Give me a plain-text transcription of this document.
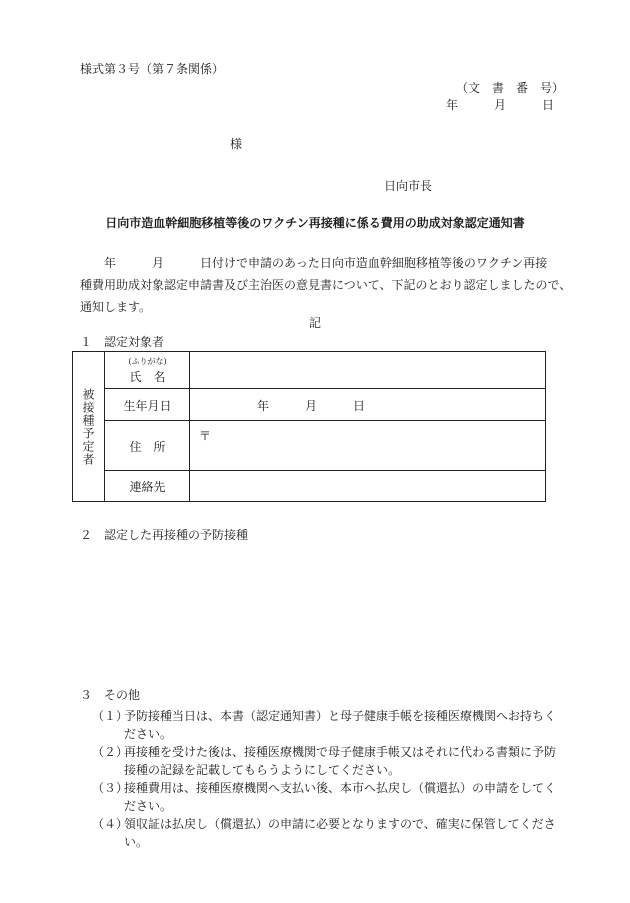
様式第３号（第７条関係）
（文　書　番　号）
年　　　月　　　日
様
日向市長
日向市造血幹細胞移植等後のワクチン再接種に係る費用の助成対象認定通知書
　　年　　　月　　　日付けで申請のあった日向市造血幹細胞移植等後のワクチン再接
種費用助成対象認定申請書及び主治医の意見書について、下記のとおり認定しましたので、
通知します。
記
１　認定対象者
被接種予定者
(ふりがな)
氏　名
生年月日	年　　　月　　　日
〒
住　所
連絡先
２　認定した再接種の予防接種
３　その他
（１）
予防接種当日は、本書（認定通知書）と母子健康手帳を接種医療機関へお持ちく
ださい。
（２）
再接種を受けた後は、接種医療機関で母子健康手帳又はそれに代わる書類に予防
接種の記録を記載してもらうようにしてください。
（３）
接種費用は、接種医療機関へ支払い後、本市へ払戻し（償還払）の申請をしてく
ださい。
（４）
領収証は払戻し（償還払）の申請に必要となりますので、確実に保管してくださ
い。
